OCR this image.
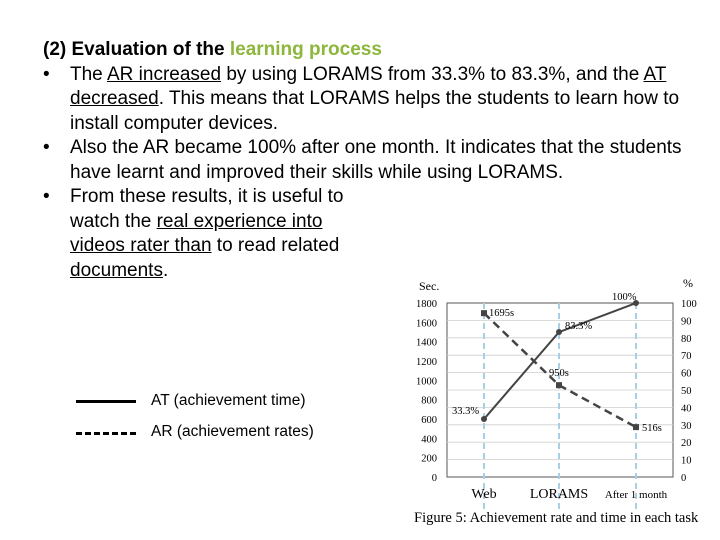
(2) Evaluation of the learning process
• The AR increased by using LORAMS from 33.3% to 83.3%, and the AT decreased. This means that LORAMS helps the students to learn how to install computer devices.
• Also the AR became 100% after one month. It indicates that the students have learnt and improved their skills while using LORAMS.
• From these results, it is useful to
watch the real experience into
videos rater than to read related
documents.
AT (achievement time)
AR (achievement rates)
Sec.	%
0
200
400
600
800
1000
1200
1400
1600
1800
0
10
20
30
40
50
60
70
80
90
100
Web LORAMS After 1 month
33.3%
83.3%
100%
1695s
950s
516s
Figure 5: Achievement rate and time in each task
